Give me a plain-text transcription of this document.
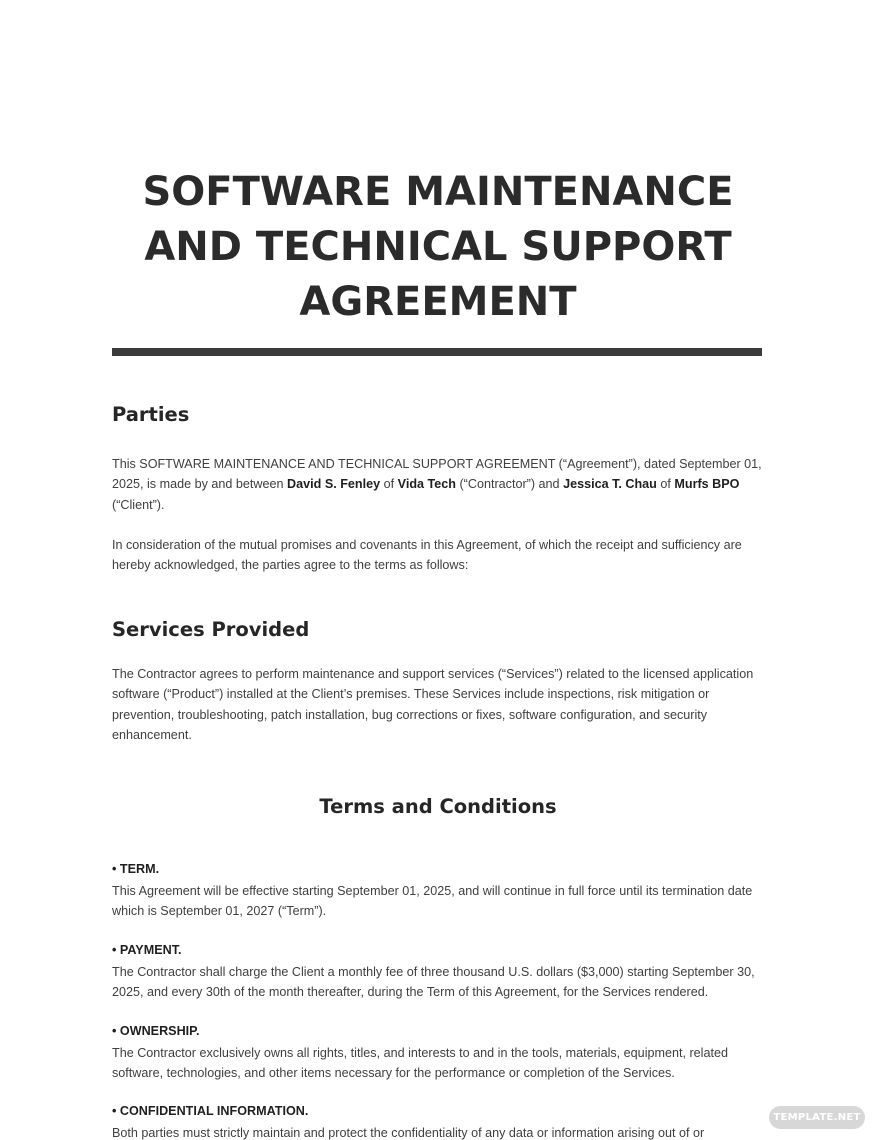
SOFTWARE MAINTENANCE
AND TECHNICAL SUPPORT
AGREEMENT
Parties

This SOFTWARE MAINTENANCE AND TECHNICAL SUPPORT AGREEMENT (“Agreement”), dated September 01, 2025, is made by and between David S. Fenley of Vida Tech (“Contractor”) and Jessica T. Chau of Murfs BPO (“Client”).

In consideration of the mutual promises and covenants in this Agreement, of which the receipt and sufficiency are hereby acknowledged, the parties agree to the terms as follows:

Services Provided

The Contractor agrees to perform maintenance and support services (“Services”) related to the licensed application software (“Product”) installed at the Client’s premises. These Services include inspections, risk mitigation or prevention, troubleshooting, patch installation, bug corrections or fixes, software configuration, and security enhancement.

Terms and Conditions

• TERM.

This Agreement will be effective starting September 01, 2025, and will continue in full force until its termination date which is September 01, 2027 (“Term”).

• PAYMENT.

The Contractor shall charge the Client a monthly fee of three thousand U.S. dollars ($3,000) starting September 30, 2025, and every 30th of the month thereafter, during the Term of this Agreement, for the Services rendered.

• OWNERSHIP.

The Contractor exclusively owns all rights, titles, and interests to and in the tools, materials, equipment, related software, technologies, and other items necessary for the performance or completion of the Services.

• CONFIDENTIAL INFORMATION.

Both parties must strictly maintain and protect the confidentiality of any data or information arising out of or

TEMPLATE.NET
